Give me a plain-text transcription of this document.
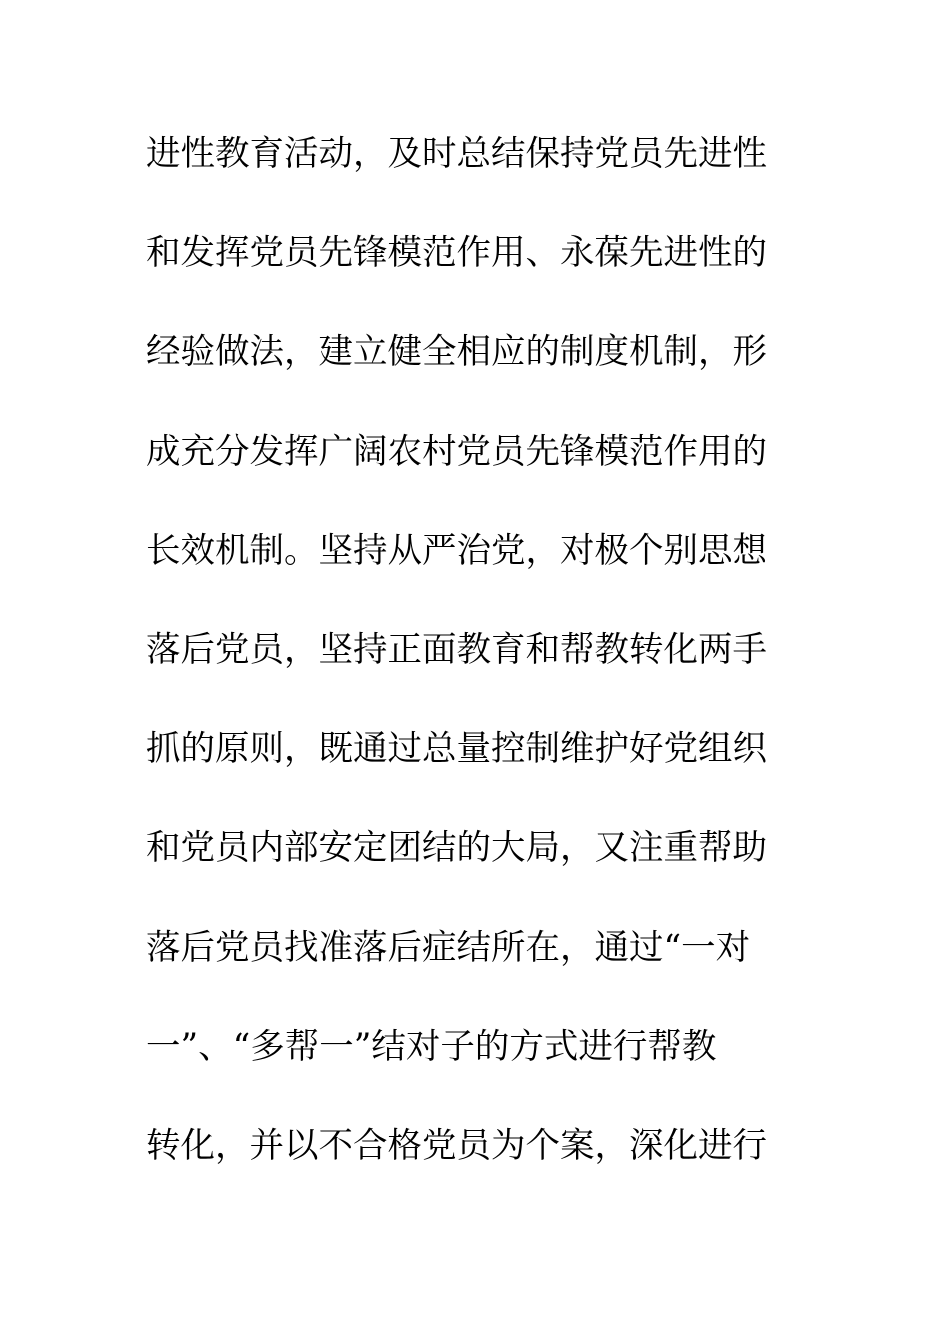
进性教育活动，及时总结保持党员先进性
和发挥党员先锋模范作用、永葆先进性的
经验做法，建立健全相应的制度机制，形
成充分发挥广阔农村党员先锋模范作用的
长效机制。坚持从严治党，对极个别思想
落后党员，坚持正面教育和帮教转化两手
抓的原则，既通过总量控制维护好党组织
和党员内部安定团结的大局，又注重帮助
落后党员找准落后症结所在，通过“一对
一”、“多帮一”结对子的方式进行帮教
转化，并以不合格党员为个案，深化进行
